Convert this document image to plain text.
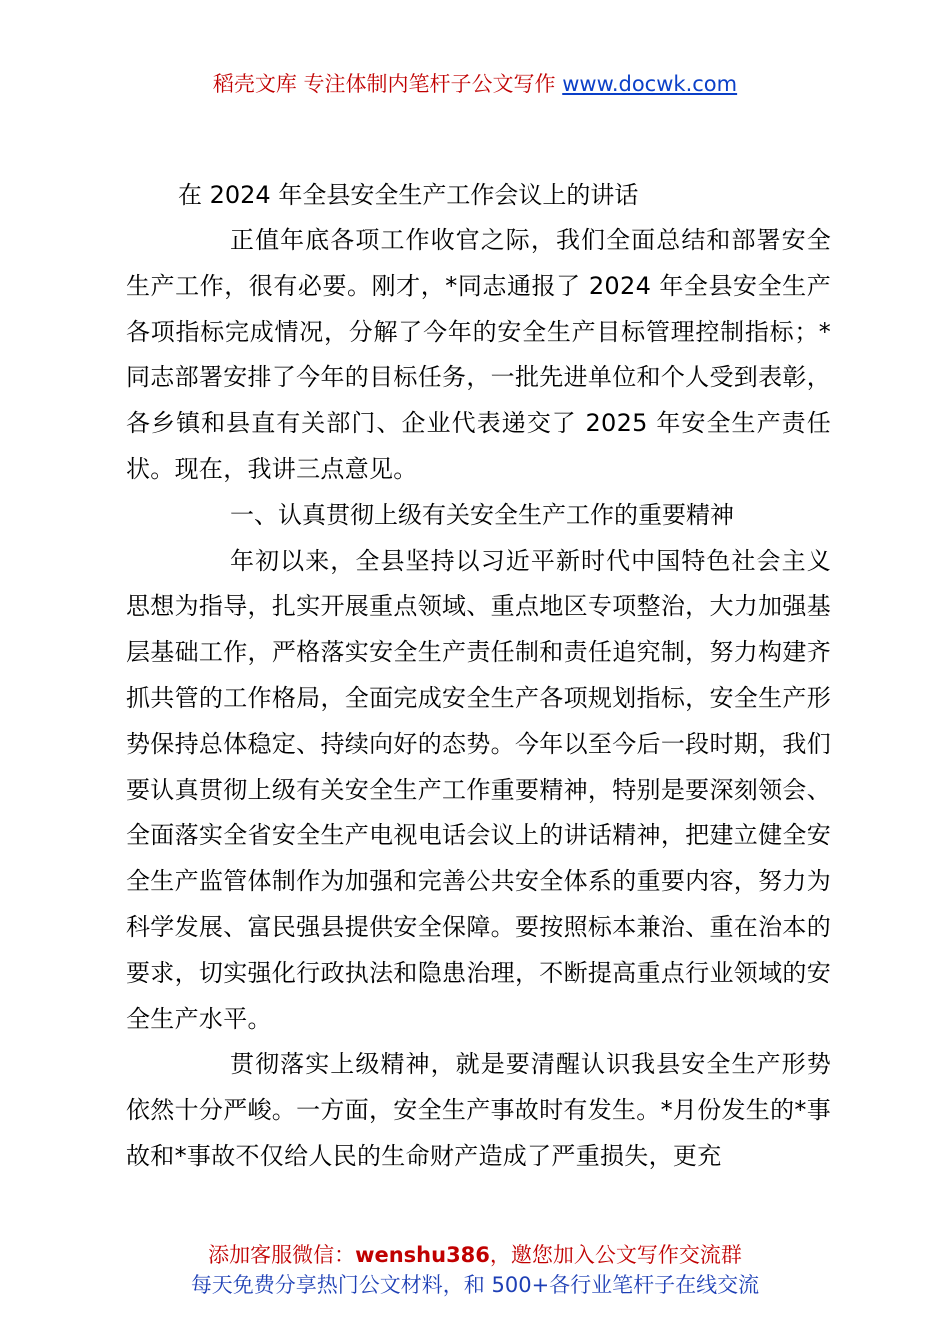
稻壳文库 专注体制内笔杆子公文写作 www.docwk.com
在 2024 年全县安全生产工作会议上的讲话

正值年底各项工作收官之际，我们全面总结和部署安全生产工作，很有必要。刚才，*同志通报了 2024 年全县安全生产各项指标完成情况，分解了今年的安全生产目标管理控制指标；*同志部署安排了今年的目标任务，一批先进单位和个人受到表彰，各乡镇和县直有关部门、企业代表递交了 2025 年安全生产责任状。现在，我讲三点意见。

一、认真贯彻上级有关安全生产工作的重要精神

年初以来，全县坚持以习近平新时代中国特色社会主义思想为指导，扎实开展重点领域、重点地区专项整治，大力加强基层基础工作，严格落实安全生产责任制和责任追究制，努力构建齐抓共管的工作格局，全面完成安全生产各项规划指标，安全生产形势保持总体稳定、持续向好的态势。今年以至今后一段时期，我们要认真贯彻上级有关安全生产工作重要精神，特别是要深刻领会、全面落实全省安全生产电视电话会议上的讲话精神，把建立健全安全生产监管体制作为加强和完善公共安全体系的重要内容，努力为科学发展、富民强县提供安全保障。要按照标本兼治、重在治本的要求，切实强化行政执法和隐患治理，不断提高重点行业领域的安全生产水平。

贯彻落实上级精神，就是要清醒认识我县安全生产形势依然十分严峻。一方面，安全生产事故时有发生。*月份发生的*事故和*事故不仅给人民的生命财产造成了严重损失，更充

添加客服微信：wenshu386，邀您加入公文写作交流群
每天免费分享热门公文材料，和 500+各行业笔杆子在线交流
